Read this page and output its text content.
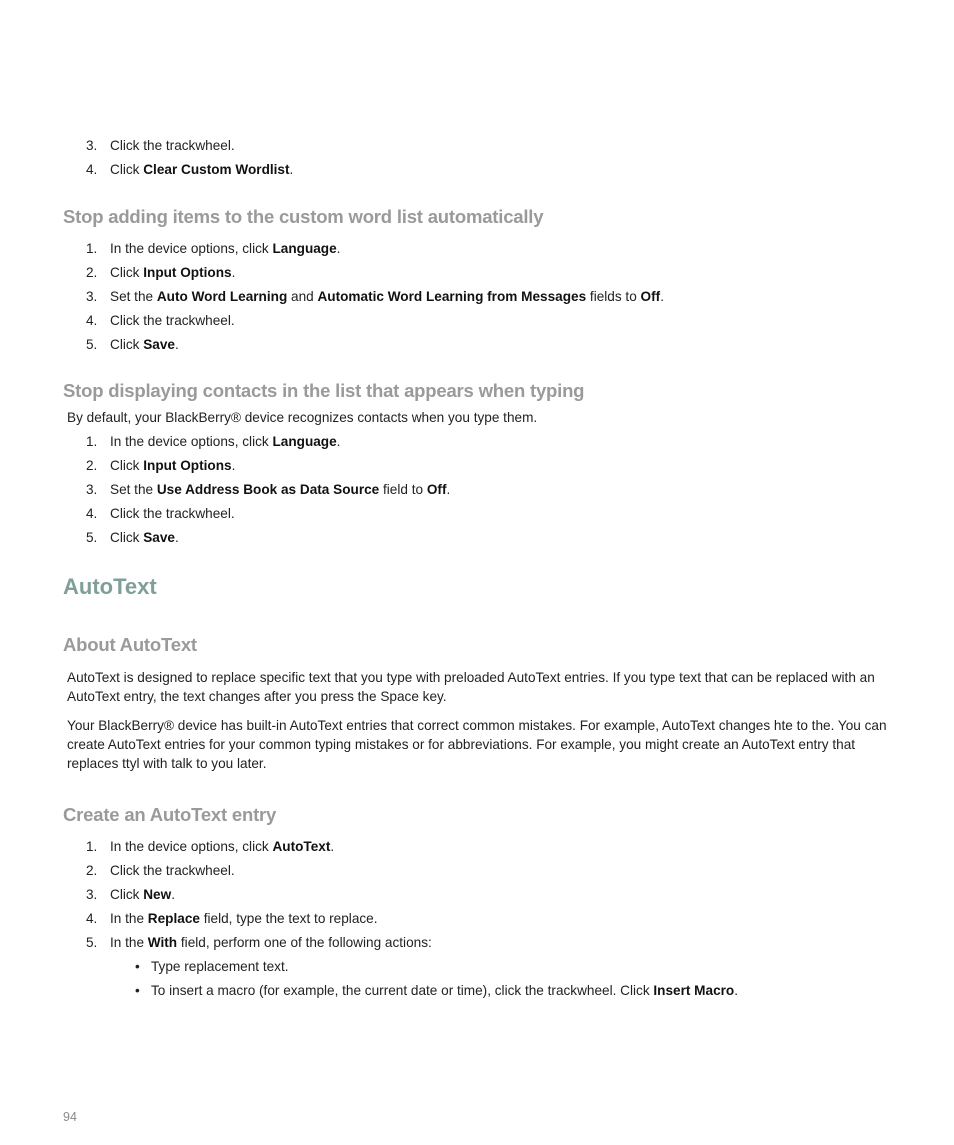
3. Click the trackwheel.
4. Click Clear Custom Wordlist.
Stop adding items to the custom word list automatically
1. In the device options, click Language.
2. Click Input Options.
3. Set the Auto Word Learning and Automatic Word Learning from Messages fields to Off.
4. Click the trackwheel.
5. Click Save.
Stop displaying contacts in the list that appears when typing

By default, your BlackBerry® device recognizes contacts when you type them.

1. In the device options, click Language.
2. Click Input Options.
3. Set the Use Address Book as Data Source field to Off.
4. Click the trackwheel.
5. Click Save.
AutoText
About AutoText

AutoText is designed to replace specific text that you type with preloaded AutoText entries. If you type text that can be replaced with an AutoText entry, the text changes after you press the Space key.

Your BlackBerry® device has built-in AutoText entries that correct common mistakes. For example, AutoText changes hte to the. You can create AutoText entries for your common typing mistakes or for abbreviations. For example, you might create an AutoText entry that replaces ttyl with talk to you later.

Create an AutoText entry
1. In the device options, click AutoText.
2. Click the trackwheel.
3. Click New.
4. In the Replace field, type the text to replace.
5. In the With field, perform one of the following actions:
• Type replacement text.
• To insert a macro (for example, the current date or time), click the trackwheel. Click Insert Macro.
94
